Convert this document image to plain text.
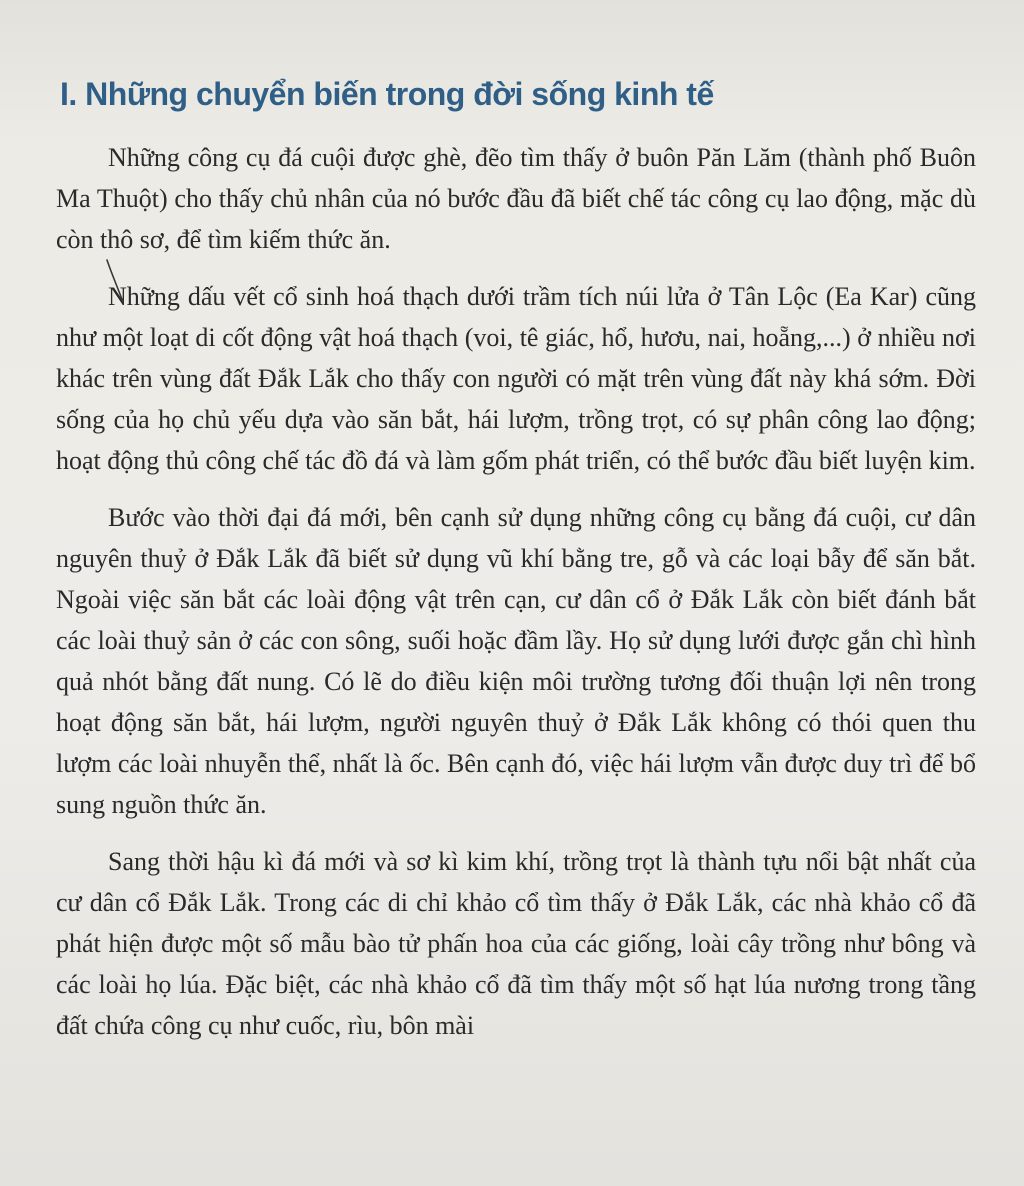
I. Những chuyển biến trong đời sống kinh tế

Những công cụ đá cuội được ghè, đẽo tìm thấy ở buôn Păn Lăm (thành phố Buôn Ma Thuột) cho thấy chủ nhân của nó bước đầu đã biết chế tác công cụ lao động, mặc dù còn thô sơ, để tìm kiếm thức ăn.

Những dấu vết cổ sinh hoá thạch dưới trầm tích núi lửa ở Tân Lộc (Ea Kar) cũng như một loạt di cốt động vật hoá thạch (voi, tê giác, hổ, hươu, nai, hoẵng,...) ở nhiều nơi khác trên vùng đất Đắk Lắk cho thấy con người có mặt trên vùng đất này khá sớm. Đời sống của họ chủ yếu dựa vào săn bắt, hái lượm, trồng trọt, có sự phân công lao động; hoạt động thủ công chế tác đồ đá và làm gốm phát triển, có thể bước đầu biết luyện kim.

Bước vào thời đại đá mới, bên cạnh sử dụng những công cụ bằng đá cuội, cư dân nguyên thuỷ ở Đắk Lắk đã biết sử dụng vũ khí bằng tre, gỗ và các loại bẫy để săn bắt. Ngoài việc săn bắt các loài động vật trên cạn, cư dân cổ ở Đắk Lắk còn biết đánh bắt các loài thuỷ sản ở các con sông, suối hoặc đầm lầy. Họ sử dụng lưới được gắn chì hình quả nhót bằng đất nung. Có lẽ do điều kiện môi trường tương đối thuận lợi nên trong hoạt động săn bắt, hái lượm, người nguyên thuỷ ở Đắk Lắk không có thói quen thu lượm các loài nhuyễn thể, nhất là ốc. Bên cạnh đó, việc hái lượm vẫn được duy trì để bổ sung nguồn thức ăn.

Sang thời hậu kì đá mới và sơ kì kim khí, trồng trọt là thành tựu nổi bật nhất của cư dân cổ Đắk Lắk. Trong các di chỉ khảo cổ tìm thấy ở Đắk Lắk, các nhà khảo cổ đã phát hiện được một số mẫu bào tử phấn hoa của các giống, loài cây trồng như bông và các loài họ lúa. Đặc biệt, các nhà khảo cổ đã tìm thấy một số hạt lúa nương trong tầng đất chứa công cụ như cuốc, rìu, bôn mài
